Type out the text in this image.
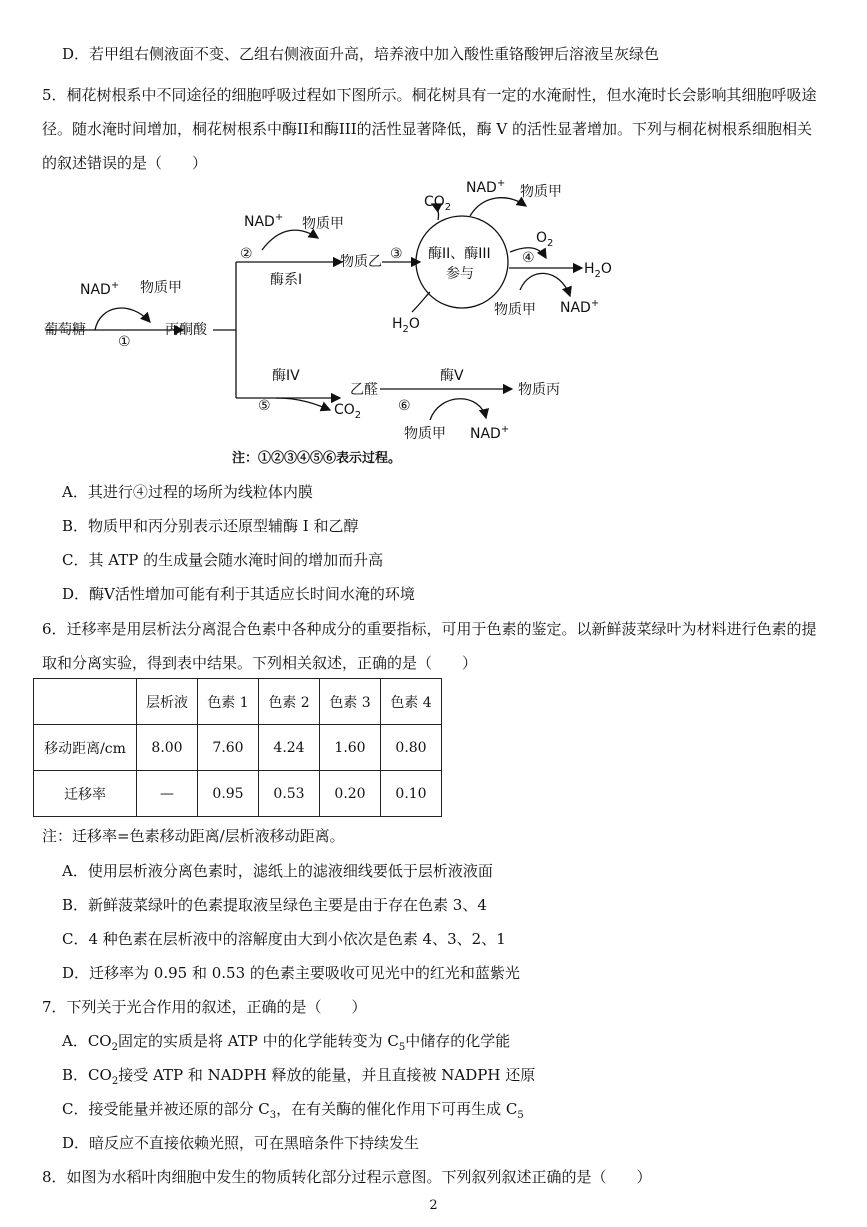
D．若甲组右侧液面不变、乙组右侧液面升高，培养液中加入酸性重铬酸钾后溶液呈灰绿色
5．桐花树根系中不同途径的细胞呼吸过程如下图所示。桐花树具有一定的水淹耐性，但水淹时长会影响其细胞呼吸途
径。随水淹时间增加，桐花树根系中酶II和酶III的活性显著降低，酶 V 的活性显著增加。下列与桐花树根系细胞相关
的叙述错误的是（　　）
NAD+ 物质甲
葡萄糖	丙酮酸
①
NAD+ 物质甲
②
酶系I
物质乙 ③ 酶II、酶III
参与
$CO_2$
NAD+
物质甲
$H_2O$
$O_2$
④
$H_2O$
物质甲 NAD+
酶IV
⑤	$CO_2$
乙醛
酶V
⑥
物质丙
物质甲 NAD+
注：①②③④⑤⑥表示过程。
A．其进行④过程的场所为线粒体内膜
B．物质甲和丙分别表示还原型辅酶 I 和乙醇
C．其 ATP 的生成量会随水淹时间的增加而升高
D．酶V活性增加可能有利于其适应长时间水淹的环境
6．迁移率是用层析法分离混合色素中各种成分的重要指标，可用于色素的鉴定。以新鲜菠菜绿叶为材料进行色素的提
取和分离实验，得到表中结果。下列相关叙述，正确的是（　　）
	层析液	色素 1	色素 2	色素 3	色素 4
移动距离/cm	8.00	7.60	4.24	1.60	0.80
迁移率	—	0.95	0.53	0.20	0.10
注：迁移率=色素移动距离/层析液移动距离。
A．使用层析液分离色素时，滤纸上的滤液细线要低于层析液液面
B．新鲜菠菜绿叶的色素提取液呈绿色主要是由于存在色素 3、4
C．4 种色素在层析液中的溶解度由大到小依次是色素 4、3、2、1
D．迁移率为 0.95 和 0.53 的色素主要吸收可见光中的红光和蓝紫光
7．下列关于光合作用的叙述，正确的是（　　）
A．$CO_2$固定的实质是将 ATP 中的化学能转变为 $C_5$中储存的化学能
B．$CO_2$接受 ATP 和 NADPH 释放的能量，并且直接被 NADPH 还原
C．接受能量并被还原的部分 $C_3$，在有关酶的催化作用下可再生成 $C_5$
D．暗反应不直接依赖光照，可在黑暗条件下持续发生
8．如图为水稻叶肉细胞中发生的物质转化部分过程示意图。下列叙列叙述正确的是（　　）
2
